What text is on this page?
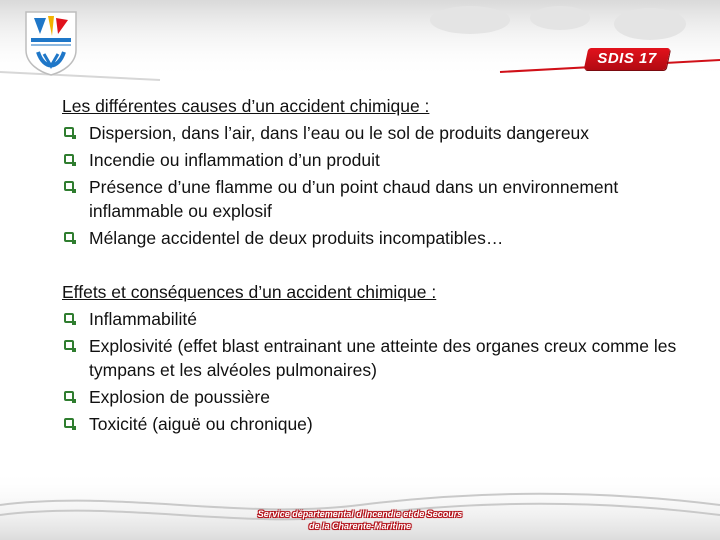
SDIS 17

Les différentes causes d’un accident chimique :

Dispersion, dans l’air, dans l’eau ou le sol de produits dangereux
Incendie ou inflammation d’un produit
Présence d’une flamme ou d’un point chaud dans un environnement inflammable ou explosif
Mélange accidentel de deux produits incompatibles…

Effets et conséquences d’un accident chimique :

Inflammabilité
Explosivité (effet blast entrainant une atteinte des organes creux comme les tympans et les alvéoles pulmonaires)
Explosion de poussière
Toxicité (aiguë ou chronique)
Service départemental d’Incendie et de Secours
de la Charente-Maritime
